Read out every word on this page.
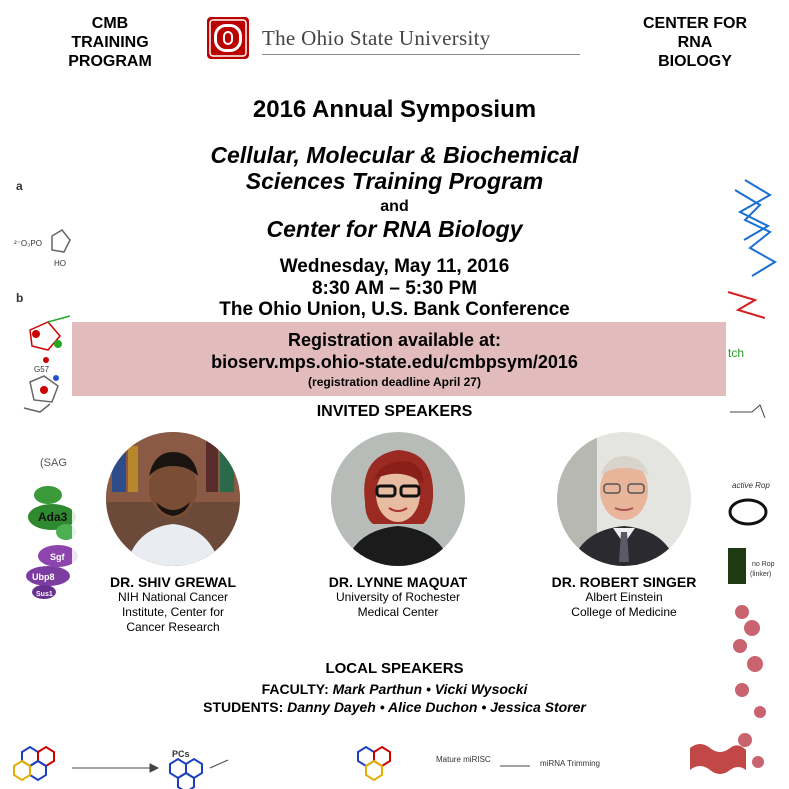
a
²⁻O₃PO
HO
b
G57
(SAG
Ada3
Sgf
Ubp8
Sus1
tch
active Rop
no Rop
(linker)
PCs
Mature miRISC	miRNA Trimming
CMB
TRAINING
PROGRAM
CENTER FOR
RNA
BIOLOGY
The Ohio State University
2016 Annual Symposium
Cellular, Molecular & Biochemical
Sciences Training Program
and
Center for RNA Biology
Wednesday, May 11, 2016
8:30 AM – 5:30 PM
The Ohio Union, U.S. Bank Conference
Registration available at:
bioserv.mps.ohio-state.edu/cmbpsym/2016
(registration deadline April 27)
INVITED SPEAKERS
DR. SHIV GREWAL
NIH National Cancer
Institute, Center for
Cancer Research
DR. LYNNE MAQUAT
University of Rochester
Medical Center
DR. ROBERT SINGER
Albert Einstein
College of Medicine
LOCAL SPEAKERS
FACULTY: Mark Parthun • Vicki Wysocki
STUDENTS: Danny Dayeh • Alice Duchon • Jessica Storer
